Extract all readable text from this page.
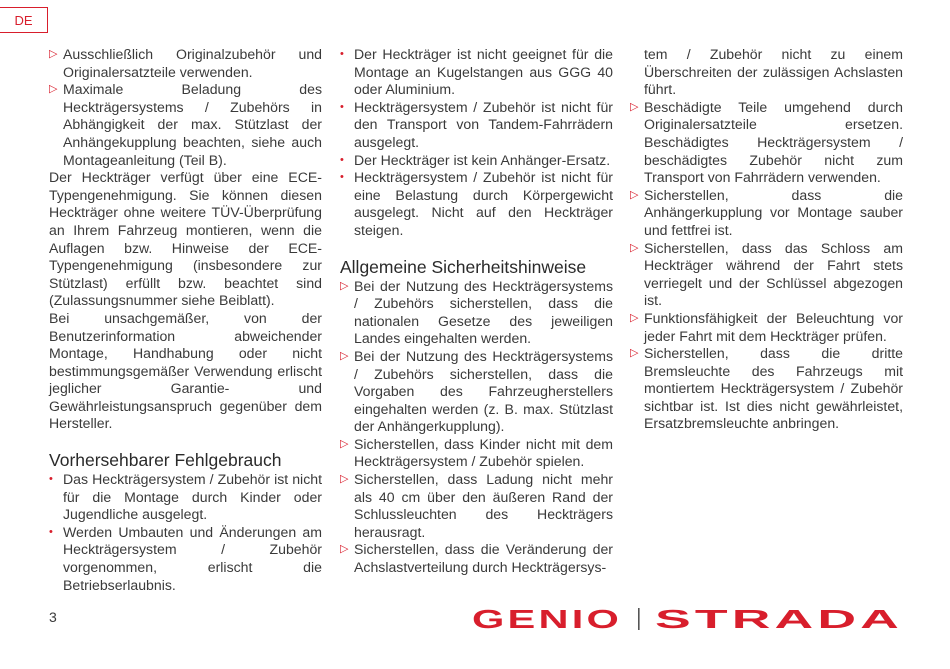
DE
▷ Ausschließlich Originalzubehör und Originalersatzteile verwenden.
▷ Maximale Beladung des Heckträgersystems / Zubehörs in Abhängigkeit der max. Stützlast der Anhängekupplung beachten, siehe auch Montageanleitung (Teil B).

Der Heckträger verfügt über eine ECE-Typengenehmigung. Sie können diesen Heckträger ohne weitere TÜV-Überprüfung an Ihrem Fahrzeug montieren, wenn die Auflagen bzw. Hinweise der ECE-Typengenehmigung (insbesondere zur Stützlast) erfüllt bzw. beachtet sind (Zulassungsnummer siehe Beiblatt).

Bei unsachgemäßer, von der Benutzerinformation abweichender Montage, Handhabung oder nicht bestimmungsgemäßer Verwendung erlischt jeglicher Garantie- und Gewährleistungsanspruch gegenüber dem Hersteller.

Vorhersehbarer Fehlgebrauch
• Das Heckträgersystem / Zubehör ist nicht für die Montage durch Kinder oder Jugendliche ausgelegt.
• Werden Umbauten und Änderungen am Heckträgersystem / Zubehör vorgenommen, erlischt die Betriebserlaubnis.
• Der Heckträger ist nicht geeignet für die Montage an Kugelstangen aus GGG 40 oder Aluminium.
• Heckträgersystem / Zubehör ist nicht für den Transport von Tandem-Fahrrädern ausgelegt.
• Der Heckträger ist kein Anhänger-Ersatz.
• Heckträgersystem / Zubehör ist nicht für eine Belastung durch Körpergewicht ausgelegt. Nicht auf den Heckträger steigen.
Allgemeine Sicherheitshinweise
▷ Bei der Nutzung des Heckträgersystems / Zubehörs sicherstellen, dass die nationalen Gesetze des jeweiligen Landes eingehalten werden.
▷ Bei der Nutzung des Heckträgersystems / Zubehörs sicherstellen, dass die Vorgaben des Fahrzeugherstellers eingehalten werden (z. B. max. Stützlast der Anhängerkupplung).
▷ Sicherstellen, dass Kinder nicht mit dem Heckträgersystem / Zubehör spielen.
▷ Sicherstellen, dass Ladung nicht mehr als 40 cm über den äußeren Rand der Schlussleuchten des Heckträgers herausragt.
▷ Sicherstellen, dass die Veränderung der Achslastverteilung durch Heckträgersys-

tem / Zubehör nicht zu einem Überschreiten der zulässigen Achslasten führt.

▷ Beschädigte Teile umgehend durch Originalersatzteile ersetzen. Beschädigtes Heckträgersystem / beschädigtes Zubehör nicht zum Transport von Fahrrädern verwenden.
▷ Sicherstellen, dass die Anhängerkupplung vor Montage sauber und fettfrei ist.
▷ Sicherstellen, dass das Schloss am Heckträger während der Fahrt stets verriegelt und der Schlüssel abgezogen ist.
▷ Funktionsfähigkeit der Beleuchtung vor jeder Fahrt mit dem Heckträger prüfen.
▷ Sicherstellen, dass die dritte Bremsleuchte des Fahrzeugs mit montiertem Heckträgersystem / Zubehör sichtbar ist. Ist dies nicht gewährleistet, Ersatzbremsleuchte anbringen.
3	GENIO STRADA
